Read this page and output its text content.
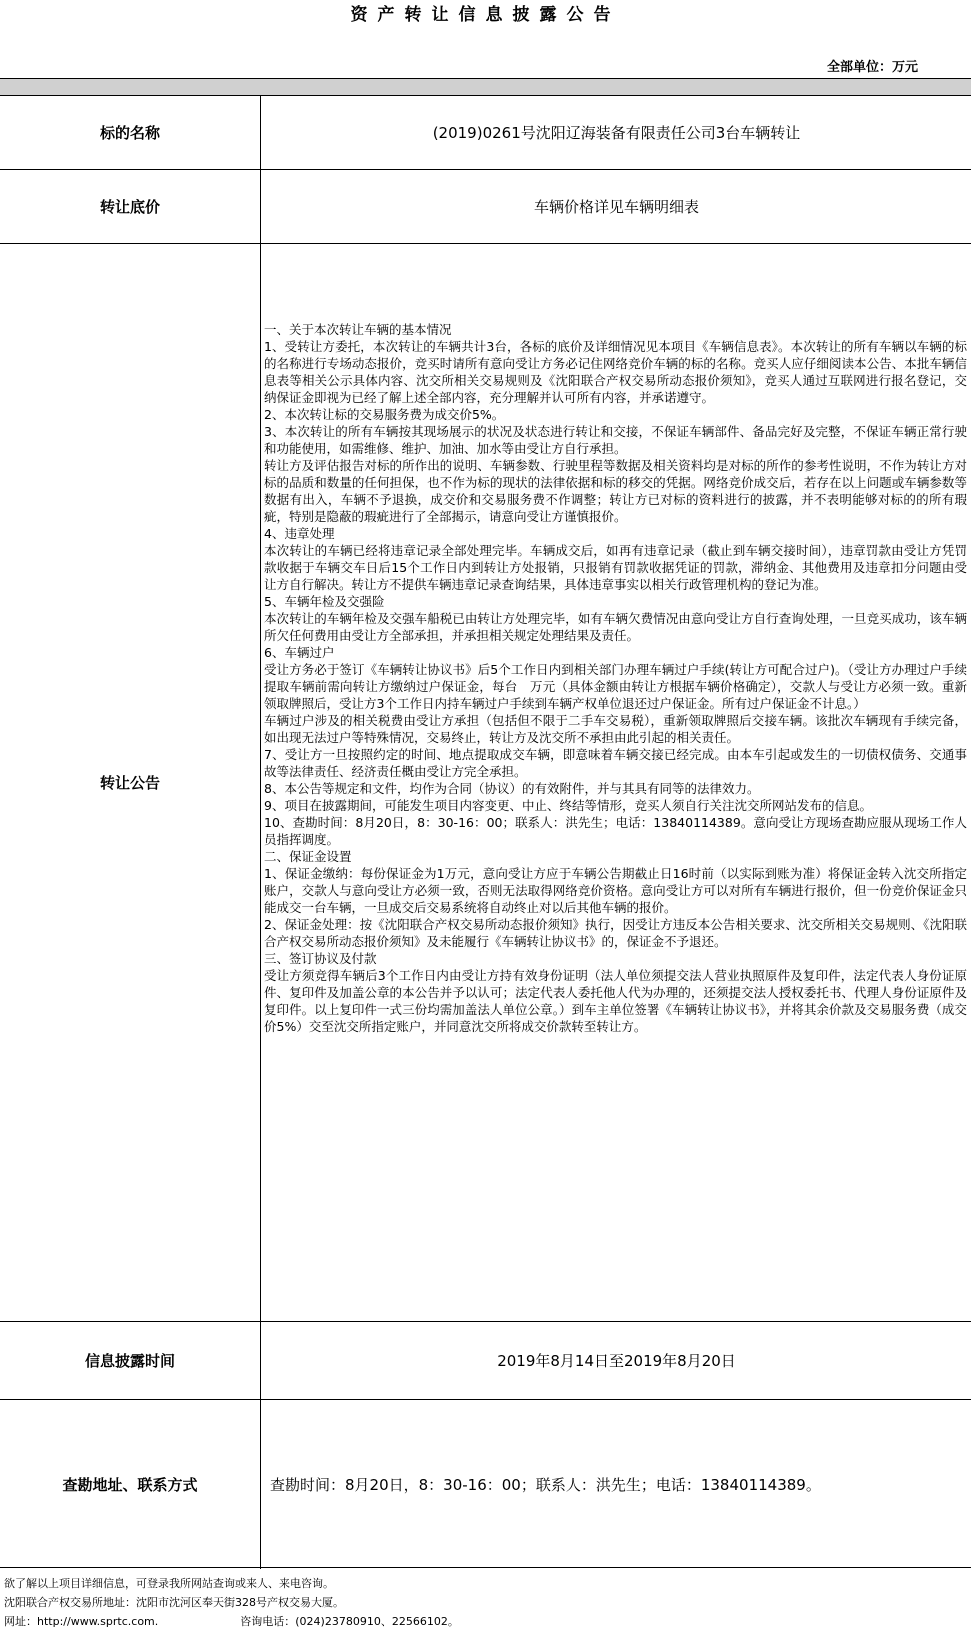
资产转让信息披露公告
全部单位：万元
标的名称	(2019)0261号沈阳辽海装备有限责任公司3台车辆转让
转让底价	车辆价格详见车辆明细表
转让公告

一、关于本次转让车辆的基本情况

1、受转让方委托，本次转让的车辆共计3台，各标的底价及详细情况见本项目《车辆信息表》。本次转让的所有车辆以车辆的标的名称进行专场动态报价，竞买时请所有意向受让方务必记住网络竞价车辆的标的名称。竞买人应仔细阅读本公告、本批车辆信息表等相关公示具体内容、沈交所相关交易规则及《沈阳联合产权交易所动态报价须知》，竞买人通过互联网进行报名登记，交纳保证金即视为已经了解上述全部内容，充分理解并认可所有内容，并承诺遵守。

2、本次转让标的交易服务费为成交价5%。

3、本次转让的所有车辆按其现场展示的状况及状态进行转让和交接，不保证车辆部件、备品完好及完整，不保证车辆正常行驶和功能使用，如需维修、维护、加油、加水等由受让方自行承担。

转让方及评估报告对标的所作出的说明、车辆参数、行驶里程等数据及相关资料均是对标的所作的参考性说明，不作为转让方对标的品质和数量的任何担保，也不作为标的现状的法律依据和标的移交的凭据。网络竞价成交后，若存在以上问题或车辆参数等数据有出入，车辆不予退换，成交价和交易服务费不作调整；转让方已对标的资料进行的披露，并不表明能够对标的的所有瑕疵，特别是隐蔽的瑕疵进行了全部揭示，请意向受让方谨慎报价。

4、违章处理

本次转让的车辆已经将违章记录全部处理完毕。车辆成交后，如再有违章记录（截止到车辆交接时间），违章罚款由受让方凭罚款收据于车辆交车日后15个工作日内到转让方处报销，只报销有罚款收据凭证的罚款，滞纳金、其他费用及违章扣分问题由受让方自行解决。转让方不提供车辆违章记录查询结果，具体违章事实以相关行政管理机构的登记为准。

5、车辆年检及交强险

本次转让的车辆年检及交强车船税已由转让方处理完毕，如有车辆欠费情况由意向受让方自行查询处理，一旦竞买成功，该车辆所欠任何费用由受让方全部承担，并承担相关规定处理结果及责任。

6、车辆过户

受让方务必于签订《车辆转让协议书》后5个工作日内到相关部门办理车辆过户手续(转让方可配合过户)。（受让方办理过户手续提取车辆前需向转让方缴纳过户保证金，每台　万元（具体金额由转让方根据车辆价格确定），交款人与受让方必须一致。重新领取牌照后，受让方3个工作日内持车辆过户手续到车辆产权单位退还过户保证金。所有过户保证金不计息。）

车辆过户涉及的相关税费由受让方承担（包括但不限于二手车交易税），重新领取牌照后交接车辆。该批次车辆现有手续完备，如出现无法过户等特殊情况，交易终止，转让方及沈交所不承担由此引起的相关责任。

7、受让方一旦按照约定的时间、地点提取成交车辆，即意味着车辆交接已经完成。由本车引起或发生的一切债权债务、交通事故等法律责任、经济责任概由受让方完全承担。

8、本公告等规定和文件，均作为合同（协议）的有效附件，并与其具有同等的法律效力。

9、项目在披露期间，可能发生项目内容变更、中止、终结等情形，竞买人须自行关注沈交所网站发布的信息。

10、查勘时间：8月20日，8：30-16：00；联系人：洪先生；电话：13840114389。意向受让方现场查勘应服从现场工作人员指挥调度。

二、保证金设置

1、保证金缴纳：每份保证金为1万元，意向受让方应于车辆公告期截止日16时前（以实际到账为准）将保证金转入沈交所指定账户，交款人与意向受让方必须一致，否则无法取得网络竞价资格。意向受让方可以对所有车辆进行报价，但一份竞价保证金只能成交一台车辆，一旦成交后交易系统将自动终止对以后其他车辆的报价。

2、保证金处理：按《沈阳联合产权交易所动态报价须知》执行，因受让方违反本公告相关要求、沈交所相关交易规则、《沈阳联合产权交易所动态报价须知》及未能履行《车辆转让协议书》的，保证金不予退还。

三、签订协议及付款

受让方须竞得车辆后3个工作日内由受让方持有效身份证明（法人单位须提交法人营业执照原件及复印件，法定代表人身份证原件、复印件及加盖公章的本公告并予以认可；法定代表人委托他人代为办理的，还须提交法人授权委托书、代理人身份证原件及复印件。以上复印件一式三份均需加盖法人单位公章。）到车主单位签署《车辆转让协议书》，并将其余价款及交易服务费（成交价5%）交至沈交所指定账户，并同意沈交所将成交价款转至转让方。

信息披露时间	2019年8月14日至2019年8月20日
查勘地址、联系方式	查勘时间：8月20日，8：30-16：00；联系人：洪先生；电话：13840114389。
欲了解以上项目详细信息，可登录我所网站查询或来人、来电咨询。
沈阳联合产权交易所地址：沈阳市沈河区奉天街328号产权交易大厦。
网址：http://www.sprtc.com.	咨询电话：(024)23780910、22566102。
